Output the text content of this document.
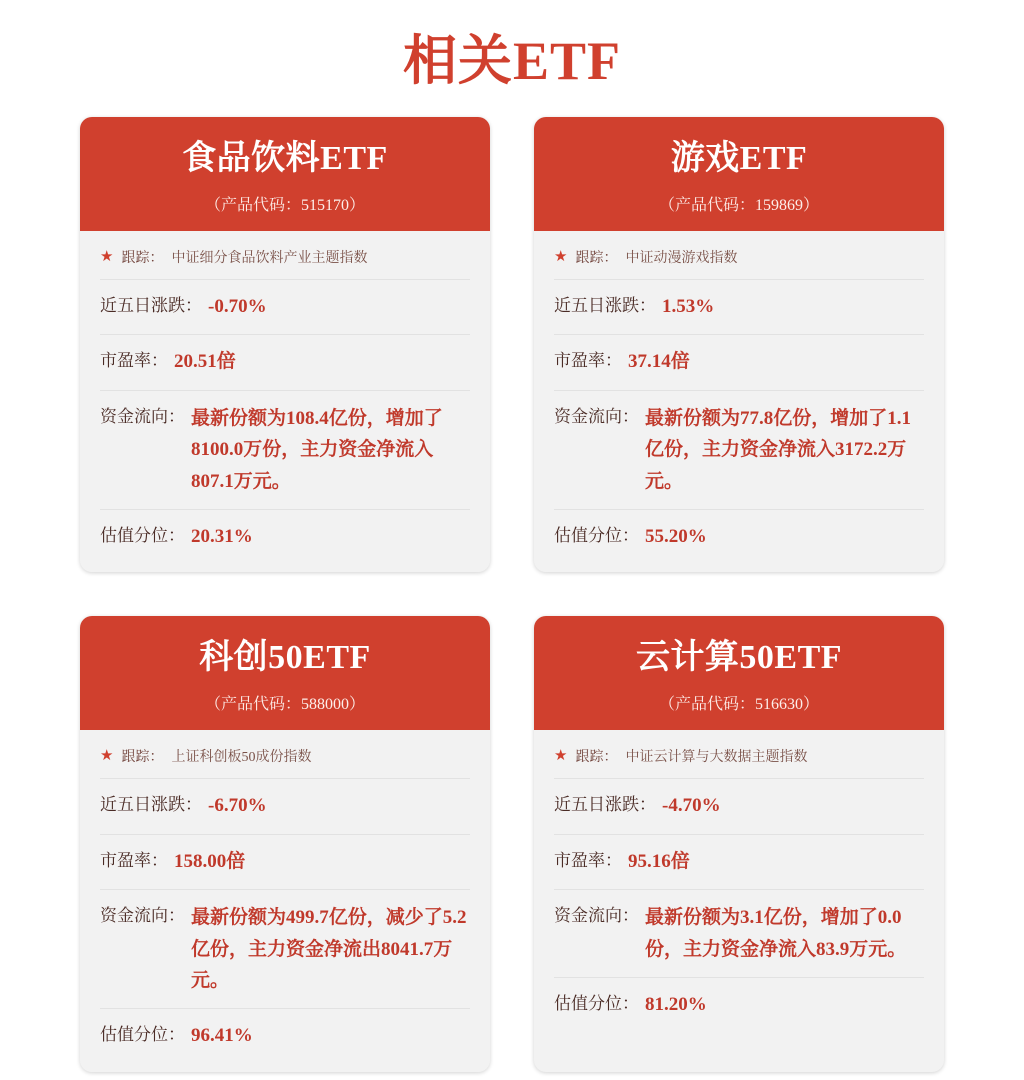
相关ETF
食品饮料ETF
（产品代码：515170）
★ 跟踪： 中证细分食品饮料产业主题指数
近五日涨跌： -0.70%
市盈率： 20.51倍
资金流向： 最新份额为108.4亿份，增加了8100.0万份，主力资金净流入807.1万元。
估值分位： 20.31%
游戏ETF
（产品代码：159869）
★ 跟踪： 中证动漫游戏指数
近五日涨跌： 1.53%
市盈率： 37.14倍
资金流向： 最新份额为77.8亿份，增加了1.1亿份，主力资金净流入3172.2万元。
估值分位： 55.20%
科创50ETF
（产品代码：588000）
★ 跟踪： 上证科创板50成份指数
近五日涨跌： -6.70%
市盈率： 158.00倍
资金流向： 最新份额为499.7亿份，减少了5.2亿份，主力资金净流出8041.7万元。
估值分位： 96.41%
云计算50ETF
（产品代码：516630）
★ 跟踪： 中证云计算与大数据主题指数
近五日涨跌： -4.70%
市盈率： 95.16倍
资金流向： 最新份额为3.1亿份，增加了0.0份，主力资金净流入83.9万元。
估值分位： 81.20%
